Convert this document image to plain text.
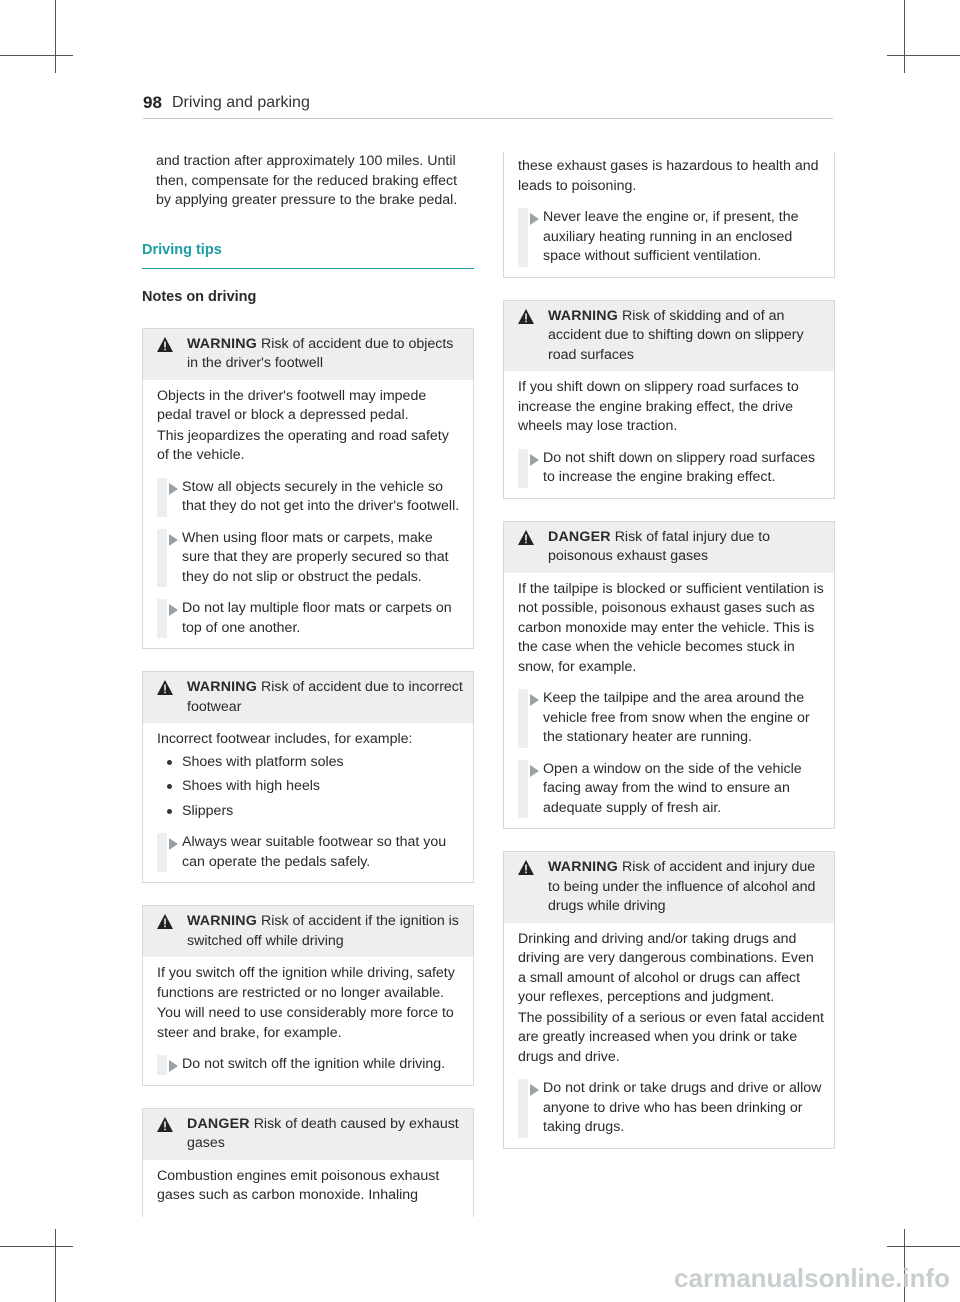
98 Driving and parking

and traction after approximately 100 miles. Until then, compensate for the reduced braking effect by applying greater pressure to the brake pedal.

Driving tips
Notes on driving
WARNING Risk of accident due to objects in the driver's footwell

Objects in the driver's footwell may impede pedal travel or block a depressed pedal.

This jeopardizes the operating and road safety of the vehicle.

Stow all objects securely in the vehicle so that they do not get into the driver's footwell.
When using floor mats or carpets, make sure that they are properly secured so that they do not slip or obstruct the pedals.
Do not lay multiple floor mats or carpets on top of one another.
WARNING Risk of accident due to incorrect footwear

Incorrect footwear includes, for example:

Shoes with platform soles
Shoes with high heels
Slippers
Always wear suitable footwear so that you can operate the pedals safely.
WARNING Risk of accident if the ignition is switched off while driving

If you switch off the ignition while driving, safety functions are restricted or no longer available.

You will need to use considerably more force to steer and brake, for example.

Do not switch off the ignition while driving.
DANGER Risk of death caused by exhaust gases

Combustion engines emit poisonous exhaust gases such as carbon monoxide. Inhaling

these exhaust gases is hazardous to health and leads to poisoning.

Never leave the engine or, if present, the auxiliary heating running in an enclosed space without sufficient ventilation.
WARNING Risk of skidding and of an accident due to shifting down on slippery road surfaces

If you shift down on slippery road surfaces to increase the engine braking effect, the drive wheels may lose traction.

Do not shift down on slippery road surfaces to increase the engine braking effect.
DANGER Risk of fatal injury due to poisonous exhaust gases

If the tailpipe is blocked or sufficient ventilation is not possible, poisonous exhaust gases such as carbon monoxide may enter the vehicle. This is the case when the vehicle becomes stuck in snow, for example.

Keep the tailpipe and the area around the vehicle free from snow when the engine or the stationary heater are running.
Open a window on the side of the vehicle facing away from the wind to ensure an adequate supply of fresh air.
WARNING Risk of accident and injury due to being under the influence of alcohol and drugs while driving

Drinking and driving and/or taking drugs and driving are very dangerous combinations. Even a small amount of alcohol or drugs can affect your reflexes, perceptions and judgment.

The possibility of a serious or even fatal accident are greatly increased when you drink or take drugs and drive.

Do not drink or take drugs and drive or allow anyone to drive who has been drinking or taking drugs.
carmanualsonline.info
